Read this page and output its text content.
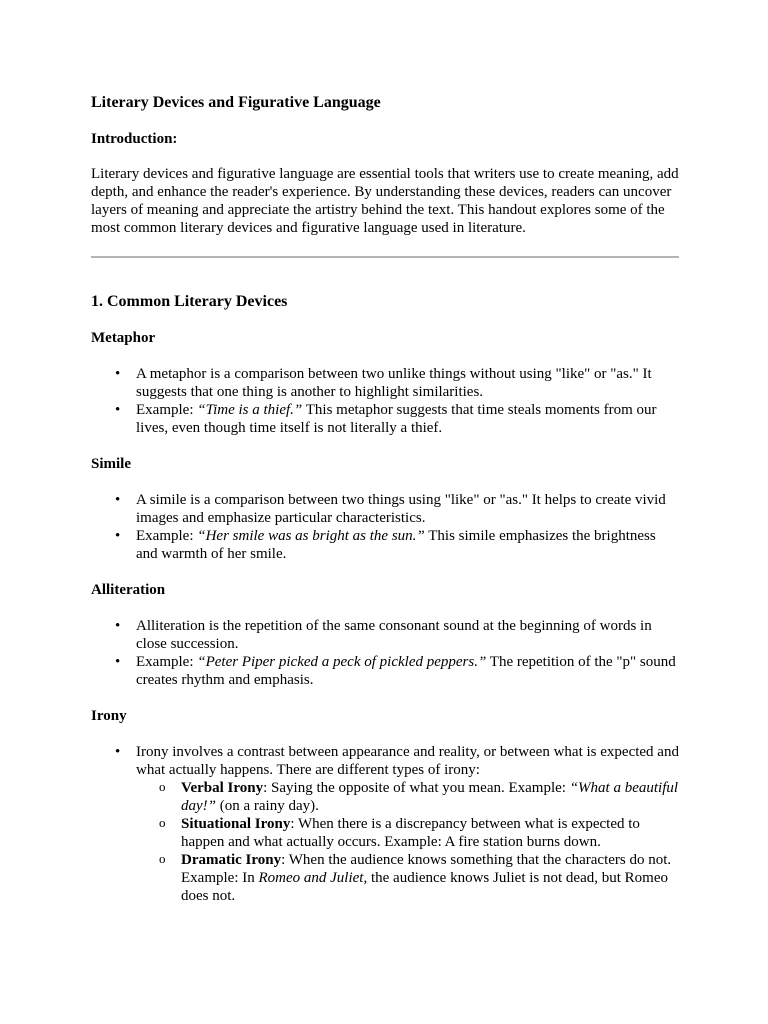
Literary Devices and Figurative Language
Introduction:

Literary devices and figurative language are essential tools that writers use to create meaning, add depth, and enhance the reader's experience. By understanding these devices, readers can uncover layers of meaning and appreciate the artistry behind the text. This handout explores some of the most common literary devices and figurative language used in literature.

1. Common Literary Devices
Metaphor
• A metaphor is a comparison between two unlike things without using "like" or "as." It suggests that one thing is another to highlight similarities.
• Example: “Time is a thief.” This metaphor suggests that time steals moments from our lives, even though time itself is not literally a thief.
Simile
• A simile is a comparison between two things using "like" or "as." It helps to create vivid images and emphasize particular characteristics.
• Example: “Her smile was as bright as the sun.” This simile emphasizes the brightness and warmth of her smile.
Alliteration
• Alliteration is the repetition of the same consonant sound at the beginning of words in close succession.
• Example: “Peter Piper picked a peck of pickled peppers.” The repetition of the "p" sound creates rhythm and emphasis.
Irony
• Irony involves a contrast between appearance and reality, or between what is expected and what actually happens. There are different types of irony:
o Verbal Irony: Saying the opposite of what you mean. Example: “What a beautiful day!” (on a rainy day).
o Situational Irony: When there is a discrepancy between what is expected to happen and what actually occurs. Example: A fire station burns down.
o Dramatic Irony: When the audience knows something that the characters do not. Example: In Romeo and Juliet, the audience knows Juliet is not dead, but Romeo does not.
